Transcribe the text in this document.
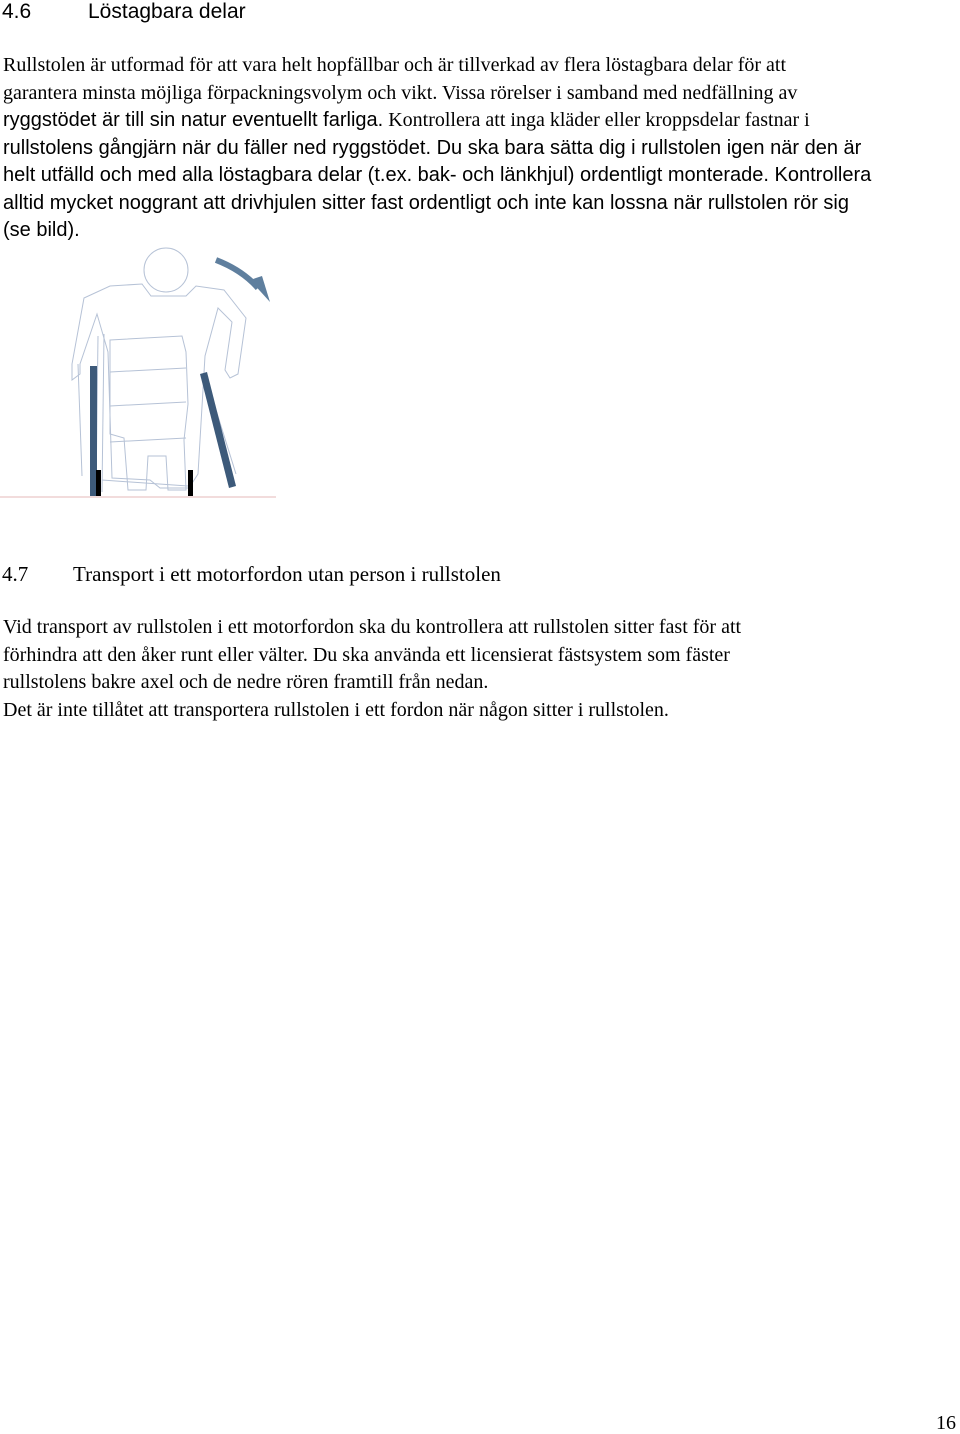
4.6	Löstagbara delar
Rullstolen är utformad för att vara helt hopfällbar och är tillverkad av flera löstagbara delar för att
garantera minsta möjliga förpackningsvolym och vikt. Vissa rörelser i samband med nedfällning av
ryggstödet är till sin natur eventuellt farliga. Kontrollera att inga kläder eller kroppsdelar fastnar i
rullstolens gångjärn när du fäller ned ryggstödet. Du ska bara sätta dig i rullstolen igen när den är
helt utfälld och med alla löstagbara delar (t.ex. bak- och länkhjul) ordentligt monterade. Kontrollera
alltid mycket noggrant att drivhjulen sitter fast ordentligt och inte kan lossna när rullstolen rör sig
(se bild).
4.7 Transport i ett motorfordon utan person i rullstolen
Vid transport av rullstolen i ett motorfordon ska du kontrollera att rullstolen sitter fast för att
förhindra att den åker runt eller välter. Du ska använda ett licensierat fästsystem som fäster
rullstolens bakre axel och de nedre rören framtill från nedan.
Det är inte tillåtet att transportera rullstolen i ett fordon när någon sitter i rullstolen.
16
